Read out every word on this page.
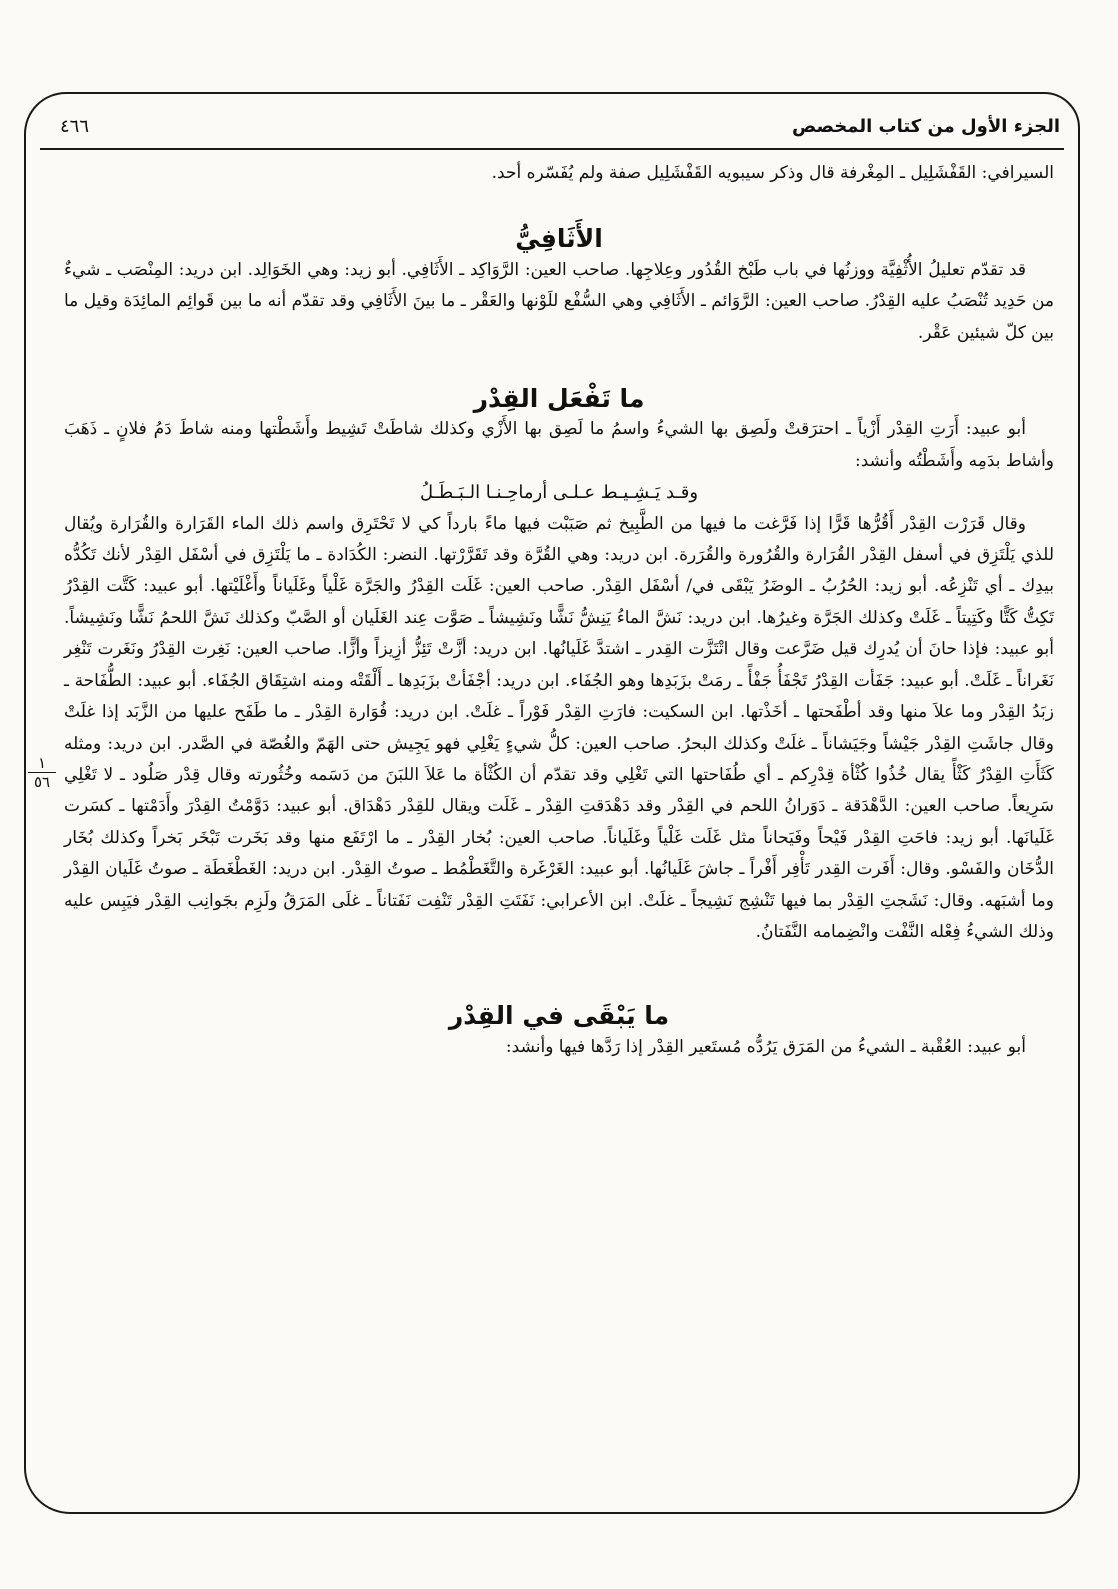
الجزء الأول من كتاب المخصص
٤٦٦
١
٥٦

السيرافي: القَفْشَلِيل ـ المِغْرفة قال وذكر سيبويه القَفْشَلِيل صفة ولم يُفَسّره أحد.

الأَثَافِيُّ

قد تقدّم تعليلُ الأُثْفِيَّة ووزنُها في باب طَبْخ القُدُور وعِلاجِها. صاحب العين: الرَّوَاكِد ـ الأَثَافِي. أبو زيد: وهي الخَوَالِد. ابن دريد: المِنْصَب ـ شيءٌ من حَدِيد تُنْصَبُ عليه القِدْرُ. صاحب العين: الرَّوَائم ـ الأَثَافِي وهي السُّفْع للَوْنها والعَقْر ـ ما بينَ الأَثَافِي وقد تقدّم أنه ما بين قَوائِم المائِدَة وقيل ما بين كلّ شيئين عَقْر.

ما تَفْعَل القِدْر

أبو عبيد: أَرَتِ القِدْر أَزْياً ـ احترَقتْ ولَصِق بها الشيءُ واسمُ ما لَصِق بها الأَزْي وكذلك شاطَتْ تَشِيط وأَشَطْتها ومنه شاطَ دَمُ فلانٍ ـ ذَهَبَ وأشاط بدَمِه وأَشَطْتُه وأنشد:

وقـد يَـشِـيـط عـلـى أرماحِـنـا الـبَـطَـلُ

وقال قَرَرْت القِدْر أَقُرُّها قَرًّا إذا فَرَّغت ما فيها من الطَّبِيخ ثم صَبَبْت فيها ماءً بارداً كي لا تَحْتَرِق واسم ذلك الماء القَرَارة والقُرَارة ويُقال للذي يَلْتَزِق في أسفل القِدْر القُرَارة والقُرُورة والقُرَرة. ابن دريد: وهي القُرَّة وقد تَقَرَّرْتها. النضر: الكُدَادة ـ ما يَلْتَزِق في أسْفَل القِدْر لأنك تَكُدُّه بيدِك ـ أي تَنْزِعُه. أبو زيد: الحُرُبُ ـ الوضَرُ يَبْقَى في/ أسْفَل القِدْر. صاحب العين: غَلَت القِدْرُ والجَرَّة غَلْياً وغَلَياناً وأَغْلَيْتها. أبو عبيد: كَتَّت القِدْرُ تَكِتُّ كَتًّا وكَتِيتاً ـ غَلَتْ وكذلك الجَرَّة وغيرُها. ابن دريد: نَشَّ الماءُ يَنِشُّ نَشًّا ونَشِيشاً ـ صَوَّت عِند الغَلَيان أو الصَّبّ وكذلك نَشَّ اللحمُ نَشًّا ونَشِيشاً. أبو عبيد: فإذا حانَ أن يُدرِك قيل ضَرَّعت وقال اتْتَزَّت القِدر ـ اشتدَّ غَلَيانُها. ابن دريد: أزَّتْ تَئِزُّ أزِيزاً وأزًّا. صاحب العين: نَغِرت القِدْرُ ونَغَرت تَنْغِر نَغَراناً ـ غَلَتْ. أبو عبيد: جَفَأت القِدْرُ تَجْفَأُ جَفْأً ـ رمَتْ بزَبَدِها وهو الجُفَاء. ابن دريد: أجْفَأتْ بزَبَدِها ـ أَلْقَتْه ومنه اشتِقَاق الجُفَاء. أبو عبيد: الطُّفَاحة ـ زبَدُ القِدْر وما علاَ منها وقد أطْفَحتها ـ أخَذْتها. ابن السكيت: فارَتِ القِدْر فَوْراً ـ غلَتْ. ابن دريد: فُوَارة القِدْر ـ ما طَفَح عليها من الزَّبَد إذا غلَتْ وقال جاشَتِ القِدْر جَيْشاً وجَيَشاناً ـ غلَتْ وكذلك البحرُ. صاحب العين: كلُّ شيءٍ يَغْلِي فهو يَجِيش حتى الهَمّ والغُصّة في الصَّدر. ابن دريد: ومثله كَثَأَتِ القِدْرُ كَثْأً يقال خُذُوا كُثْأة قِدْرِكم ـ أي طُفَاحتها التي تَغْلِي وقد تقدّم أن الكُثْأة ما عَلاَ اللبَنَ من دَسَمه وخُثُورته وقال قِدْر صَلُود ـ لا تَغْلِي سَرِيعاً. صاحب العين: الدَّهْدَقة ـ دَوَرانُ اللحم في القِدْر وقد دَهْدَقتِ القِدْر ـ غَلَت ويقال للقِدْر دَهْدَاق. أبو عبيد: دَوَّمْتُ القِدْرَ وأَدَمْتها ـ كسَرت غَلَيانَها. أبو زيد: فاحَتِ القِدْر فَيْحاً وفَيَحاناً مثل غَلَت غَلْياً وغَلَياناً. صاحب العين: بُخار القِدْر ـ ما ارْتَفَع منها وقد بَخَرت تَبْخَر بَخراً وكذلك بُخَار الدُّخَان والفَسْو. وقال: أَفَرت القِدر تَأْفِر أَفْراً ـ جاشَ غَلَيانُها. أبو عبيد: الغَرْغَرة والتَّغَطْمُط ـ صوتُ القِدْر. ابن دريد: الغَطْغَطَة ـ صوتُ غَلَيان القِدْر وما أشبَهه. وقال: نَشَجتِ القِدْر بما فيها تَنْشِج نَشِيجاً ـ غلَتْ. ابن الأعرابي: نَفَتَتِ القِدْر تَنْفِت نَفَتاناً ـ غلَى المَرَقُ ولَزِم بجَوانِب القِدْر فيَبِس عليه وذلك الشيءُ فِعْله النَّفْت وانْضِمامه النَّفَتانُ.

ما يَبْقَى في القِدْر

أبو عبيد: العُقْبة ـ الشيءُ من المَرَق يَرُدُّه مُستَعير القِدْر إذا رَدَّها فيها وأنشد:
